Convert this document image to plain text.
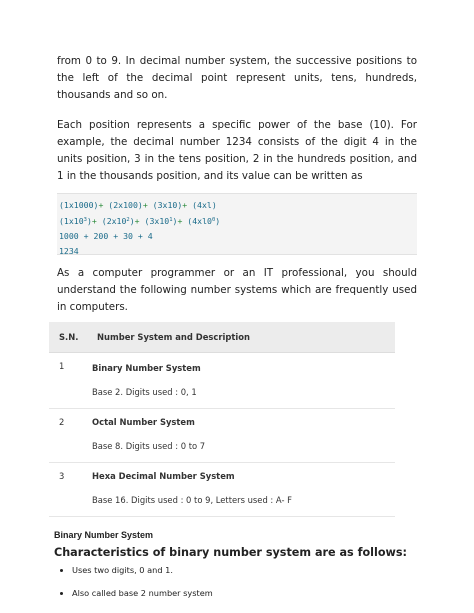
from 0 to 9. In decimal number system, the successive positions to the left of the decimal point represent units, tens, hundreds, thousands and so on.

Each position represents a specific power of the base (10). For example, the decimal number 1234 consists of the digit 4 in the units position, 3 in the tens position, 2 in the hundreds position, and 1 in the thousands position, and its value can be written as

(1x1000)+ (2x100)+ (3x10)+ (4xl)
$(1x10^3)+ (2x10^2)+ (3x10^1)+ (4xl0^0)$
1000 + 200 + 30 + 4
1234

As a computer programmer or an IT professional, you should understand the following number systems which are frequently used in computers.

S.N.	Number System and Description
1	Binary Number System
Base 2. Digits used : 0, 1

2	Octal Number System
Base 8. Digits used : 0 to 7

3	Hexa Decimal Number System
Base 16. Digits used : 0 to 9, Letters used : A- F
Binary Number System
Characteristics of binary number system are as follows:
• Uses two digits, 0 and 1.
• Also called base 2 number system
